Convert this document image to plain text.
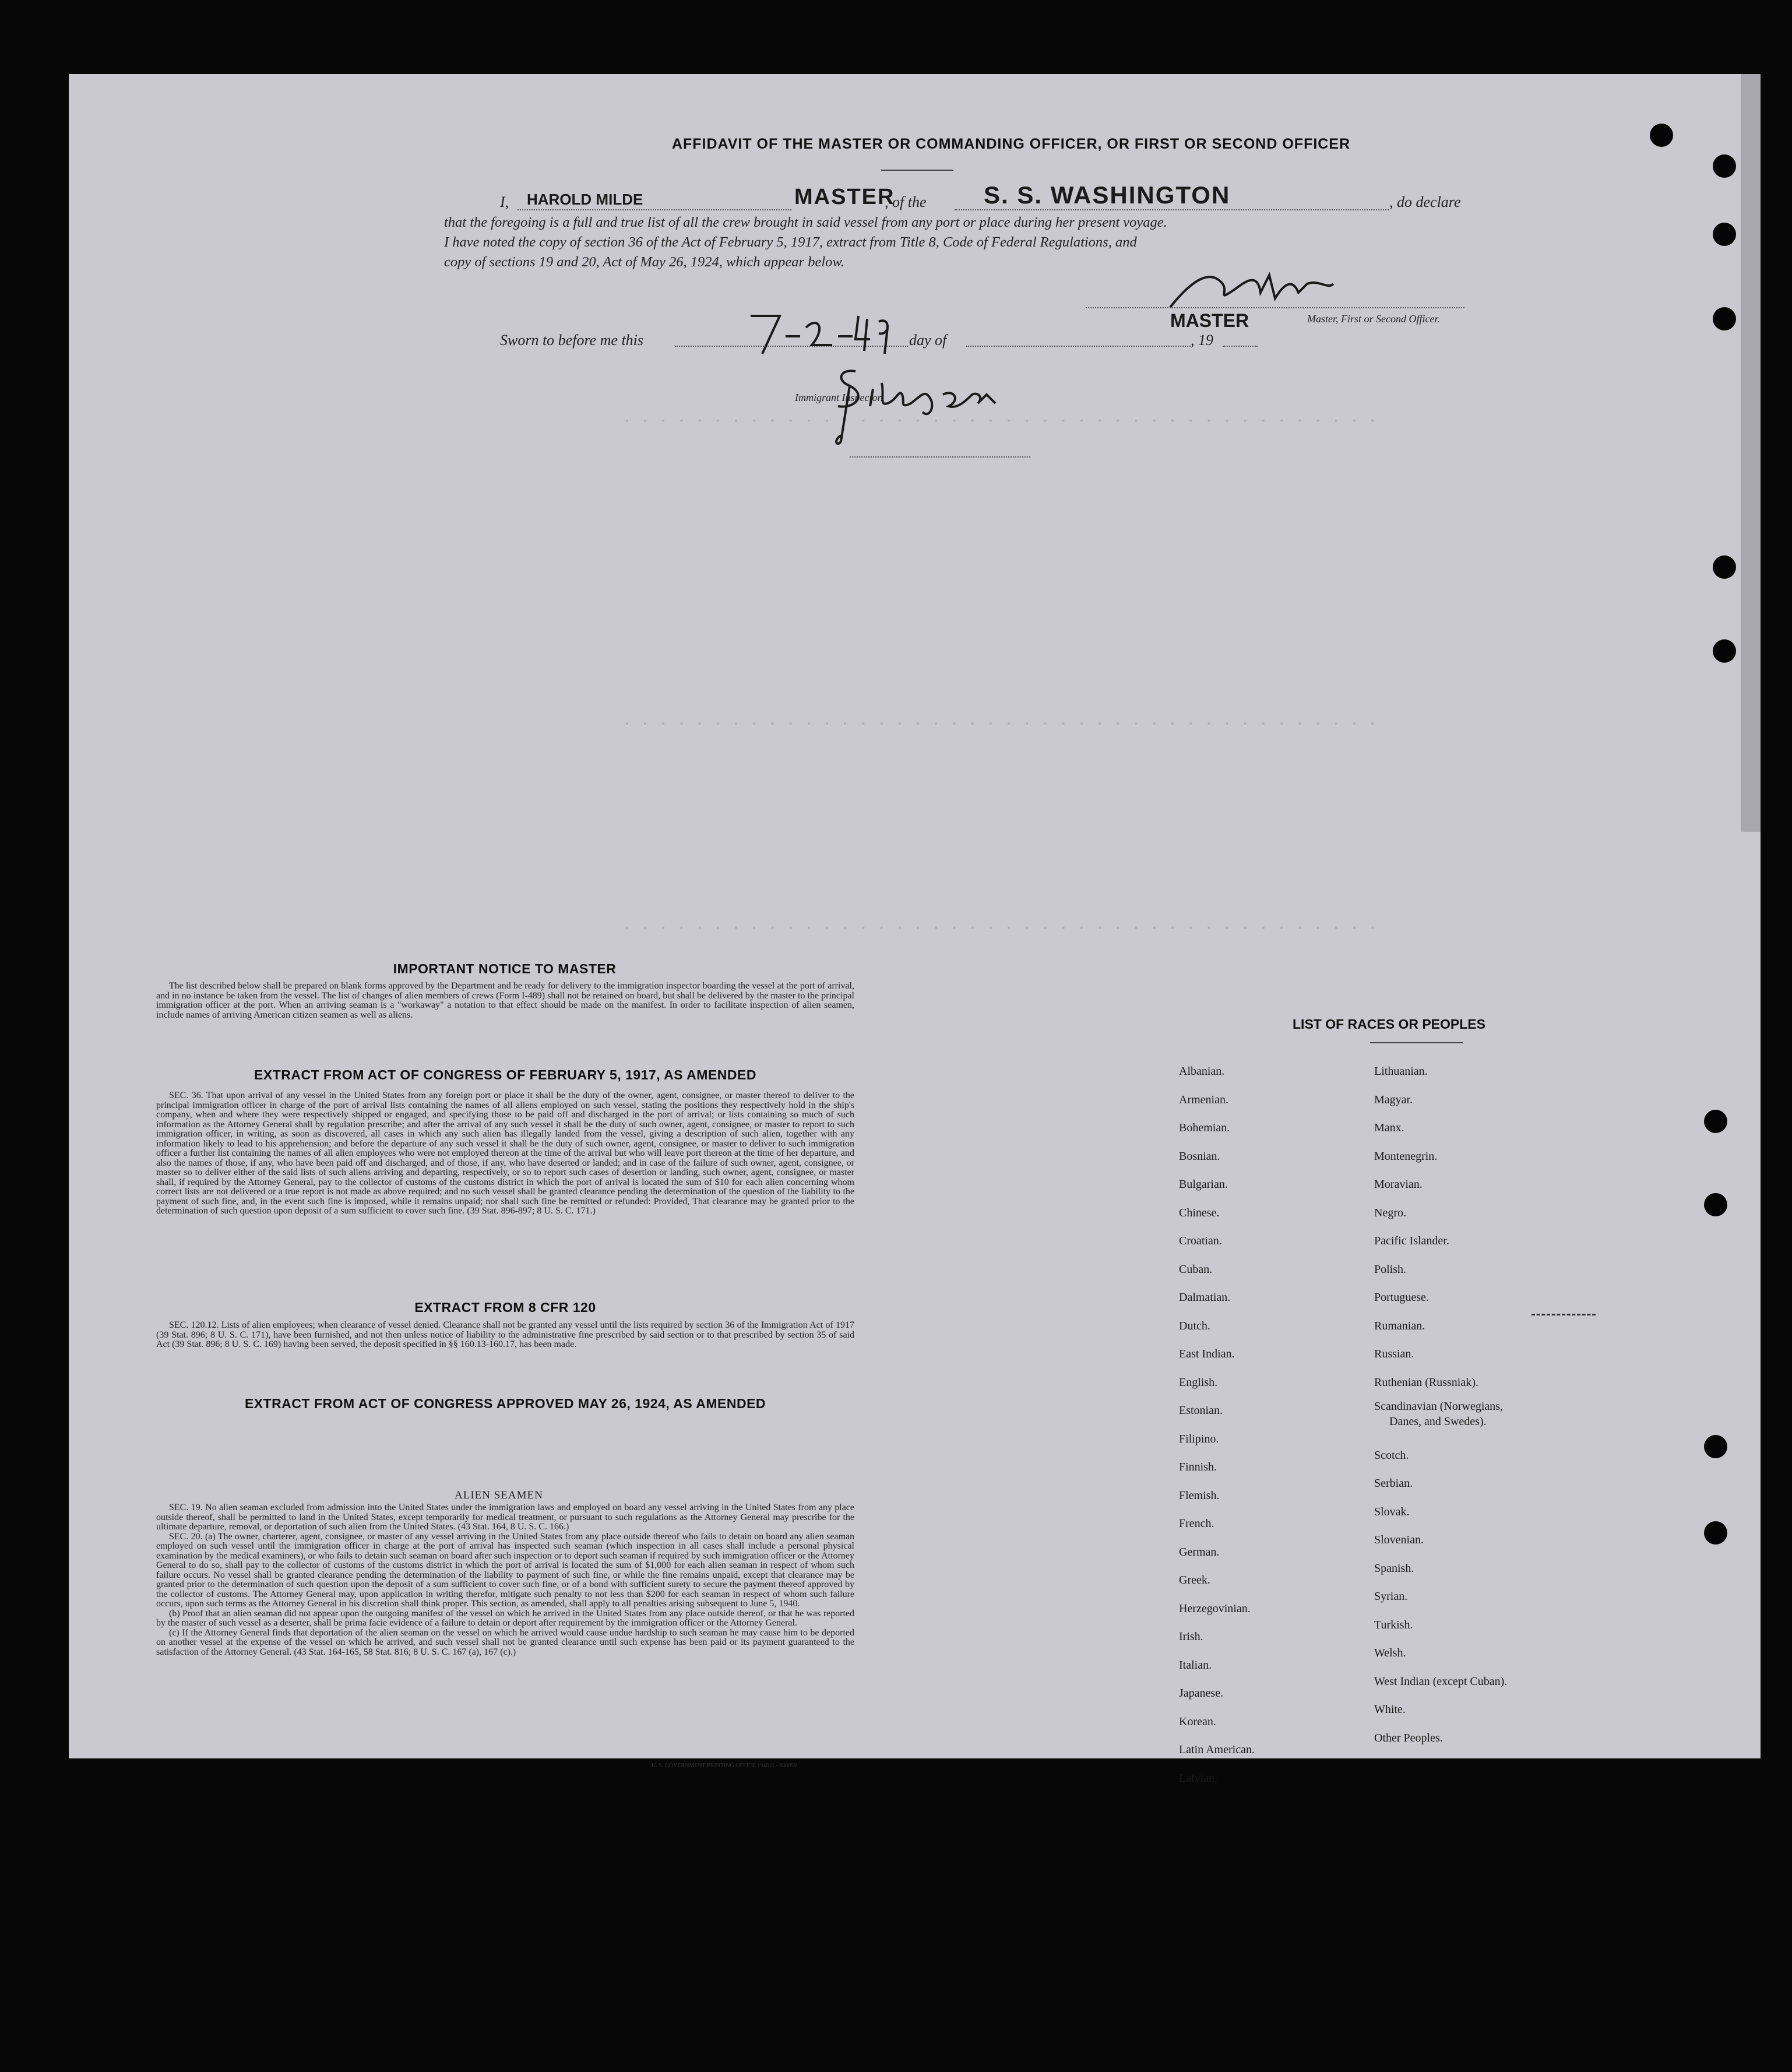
· · · · · · · · · · · · · · · · · · · · · · · · · · · · · · · · · · · · · · · · · ·
· · · · · · · · · · · · · · · · · · · · · · · · · · · · · · · · · · · · · · · · · ·
· · · · · · · · · · · · · · · · · · · · · · · · · · · · · · · · · · · · · · · · · ·
AFFIDAVIT OF THE MASTER OR COMMANDING OFFICER, OR FIRST OR SECOND OFFICER
I, HAROLD MILDE	MASTER
, of the S. S. WASHINGTON	, do declare

that the foregoing is a full and true list of all the crew brought in said vessel from any port or place during her present voyage.

I have noted the copy of section 36 of the Act of February 5, 1917, extract from Title 8, Code of Federal Regulations, and

copy of sections 19 and 20, Act of May 26, 1924, which appear below.

MASTER	Master, First or Second Officer.
Sworn to before me this	day of	, 19
Immigrant Inspector.
IMPORTANT NOTICE TO MASTER

The list described below shall be prepared on blank forms approved by the Department and be ready for delivery to the immigration inspector boarding the vessel at the port of arrival, and in no instance be taken from the vessel. The list of changes of alien members of crews (Form I-489) shall not be retained on board, but shall be delivered by the master to the principal immigration officer at the port. When an arriving seaman is a "workaway" a notation to that effect should be made on the manifest. In order to facilitate inspection of alien seamen, include names of arriving American citizen seamen as well as aliens.

EXTRACT FROM ACT OF CONGRESS OF FEBRUARY 5, 1917, AS AMENDED

SEC. 36. That upon arrival of any vessel in the United States from any foreign port or place it shall be the duty of the owner, agent, consignee, or master thereof to deliver to the principal immigration officer in charge of the port of arrival lists containing the names of all aliens employed on such vessel, stating the positions they respectively hold in the ship's company, when and where they were respectively shipped or engaged, and specifying those to be paid off and discharged in the port of arrival; or lists containing so much of such information as the Attorney General shall by regulation prescribe; and after the arrival of any such vessel it shall be the duty of such owner, agent, consignee, or master to report to such immigration officer, in writing, as soon as discovered, all cases in which any such alien has illegally landed from the vessel, giving a description of such alien, together with any information likely to lead to his apprehension; and before the departure of any such vessel it shall be the duty of such owner, agent, consignee, or master to deliver to such immigration officer a further list containing the names of all alien employees who were not employed thereon at the time of the arrival but who will leave port thereon at the time of her departure, and also the names of those, if any, who have been paid off and discharged, and of those, if any, who have deserted or landed; and in case of the failure of such owner, agent, consignee, or master so to deliver either of the said lists of such aliens arriving and departing, respectively, or so to report such cases of desertion or landing, such owner, agent, consignee, or master shall, if required by the Attorney General, pay to the collector of customs of the customs district in which the port of arrival is located the sum of $10 for each alien concerning whom correct lists are not delivered or a true report is not made as above required; and no such vessel shall be granted clearance pending the determination of the question of the liability to the payment of such fine, and, in the event such fine is imposed, while it remains unpaid; nor shall such fine be remitted or refunded: Provided, That clearance may be granted prior to the determination of such question upon deposit of a sum sufficient to cover such fine. (39 Stat. 896-897; 8 U. S. C. 171.)

EXTRACT FROM 8 CFR 120

SEC. 120.12. Lists of alien employees; when clearance of vessel denied. Clearance shall not be granted any vessel until the lists required by section 36 of the Immigration Act of 1917 (39 Stat. 896; 8 U. S. C. 171), have been furnished, and not then unless notice of liability to the administrative fine prescribed by said section or to that prescribed by section 35 of said Act (39 Stat. 896; 8 U. S. C. 169) having been served, the deposit specified in §§ 160.13-160.17, has been made.

EXTRACT FROM ACT OF CONGRESS APPROVED MAY 26, 1924, AS AMENDED
ALIEN SEAMEN

SEC. 19. No alien seaman excluded from admission into the United States under the immigration laws and employed on board any vessel arriving in the United States from any place outside thereof, shall be permitted to land in the United States, except temporarily for medical treatment, or pursuant to such regulations as the Attorney General may prescribe for the ultimate departure, removal, or deportation of such alien from the United States. (43 Stat. 164, 8 U. S. C. 166.)

SEC. 20. (a) The owner, charterer, agent, consignee, or master of any vessel arriving in the United States from any place outside thereof who fails to detain on board any alien seaman employed on such vessel until the immigration officer in charge at the port of arrival has inspected such seaman (which inspection in all cases shall include a personal physical examination by the medical examiners), or who fails to detain such seaman on board after such inspection or to deport such seaman if required by such immigration officer or the Attorney General to do so, shall pay to the collector of customs of the customs district in which the port of arrival is located the sum of $1,000 for each alien seaman in respect of whom such failure occurs. No vessel shall be granted clearance pending the determination of the liability to payment of such fine, or while the fine remains unpaid, except that clearance may be granted prior to the determination of such question upon the deposit of a sum sufficient to cover such fine, or of a bond with sufficient surety to secure the payment thereof approved by the collector of customs. The Attorney General may, upon application in writing therefor, mitigate such penalty to not less than $200 for each seaman in respect of whom such failure occurs, upon such terms as the Attorney General in his discretion shall think proper. This section, as amended, shall apply to all penalties arising subsequent to June 5, 1940.

(b) Proof that an alien seaman did not appear upon the outgoing manifest of the vessel on which he arrived in the United States from any place outside thereof, or that he was reported by the master of such vessel as a deserter, shall be prima facie evidence of a failure to detain or deport after requirement by the immigration officer or the Attorney General.

(c) If the Attorney General finds that deportation of the alien seaman on the vessel on which he arrived would cause undue hardship to such seaman he may cause him to be deported on another vessel at the expense of the vessel on which he arrived, and such vessel shall not be granted clearance until such expense has been paid or its payment guaranteed to the satisfaction of the Attorney General. (43 Stat. 164-165, 58 Stat. 816; 8 U. S. C. 167 (a), 167 (c).)

U. S. GOVERNMENT PRINTING OFFICE 1948 O - 688059
LIST OF RACES OR PEOPLES
Albanian.
Armenian.
Bohemian.
Bosnian.
Bulgarian.
Chinese.
Croatian.
Cuban.
Dalmatian.
Dutch.
East Indian.
English.
Estonian.
Filipino.
Finnish.
Flemish.
French.
German.
Greek.
Herzegovinian.
Irish.
Italian.
Japanese.
Korean.
Latin American.
Latvian.
Lithuanian.
Magyar.
Manx.
Montenegrin.
Moravian.
Negro.
Pacific Islander.
Polish.
Portuguese.
Rumanian.
Russian.
Ruthenian (Russniak).
Scandinavian (Norwegians,
Danes, and Swedes).
Scotch.
Serbian.
Slovak.
Slovenian.
Spanish.
Syrian.
Turkish.
Welsh.
West Indian (except Cuban).
White.
Other Peoples.
